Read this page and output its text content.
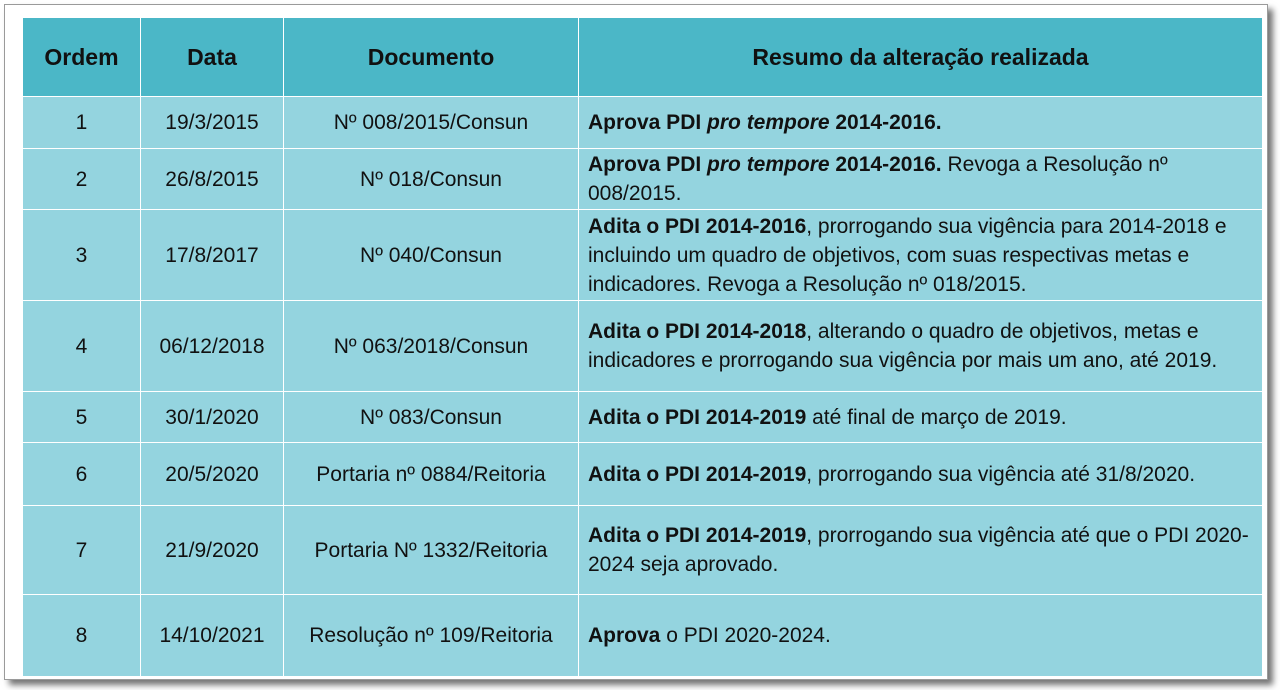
Ordem	Data	Documento	Resumo da alteração realizada
1	19/3/2015	Nº 008/2015/Consun	Aprova PDI pro tempore 2014-2016.
2	26/8/2015	Nº 018/Consun	Aprova PDI pro tempore 2014-2016. Revoga a Resolução nº 008/2015.
3	17/8/2017	Nº 040/Consun	Adita o PDI 2014-2016, prorrogando sua vigência para 2014-2018 e incluindo um quadro de objetivos, com suas respectivas metas e indicadores. Revoga a Resolução nº 018/2015.
4	06/12/2018	Nº 063/2018/Consun	Adita o PDI 2014-2018, alterando o quadro de objetivos, metas e indicadores e prorrogando sua vigência por mais um ano, até 2019.
5	30/1/2020	Nº 083/Consun	Adita o PDI 2014-2019 até final de março de 2019.
6	20/5/2020	Portaria nº 0884/Reitoria	Adita o PDI 2014-2019, prorrogando sua vigência até 31/8/2020.
7	21/9/2020	Portaria Nº 1332/Reitoria	Adita o PDI 2014-2019, prorrogando sua vigência até que o PDI 2020-2024 seja aprovado.
8	14/10/2021	Resolução nº 109/Reitoria	Aprova o PDI 2020-2024.
